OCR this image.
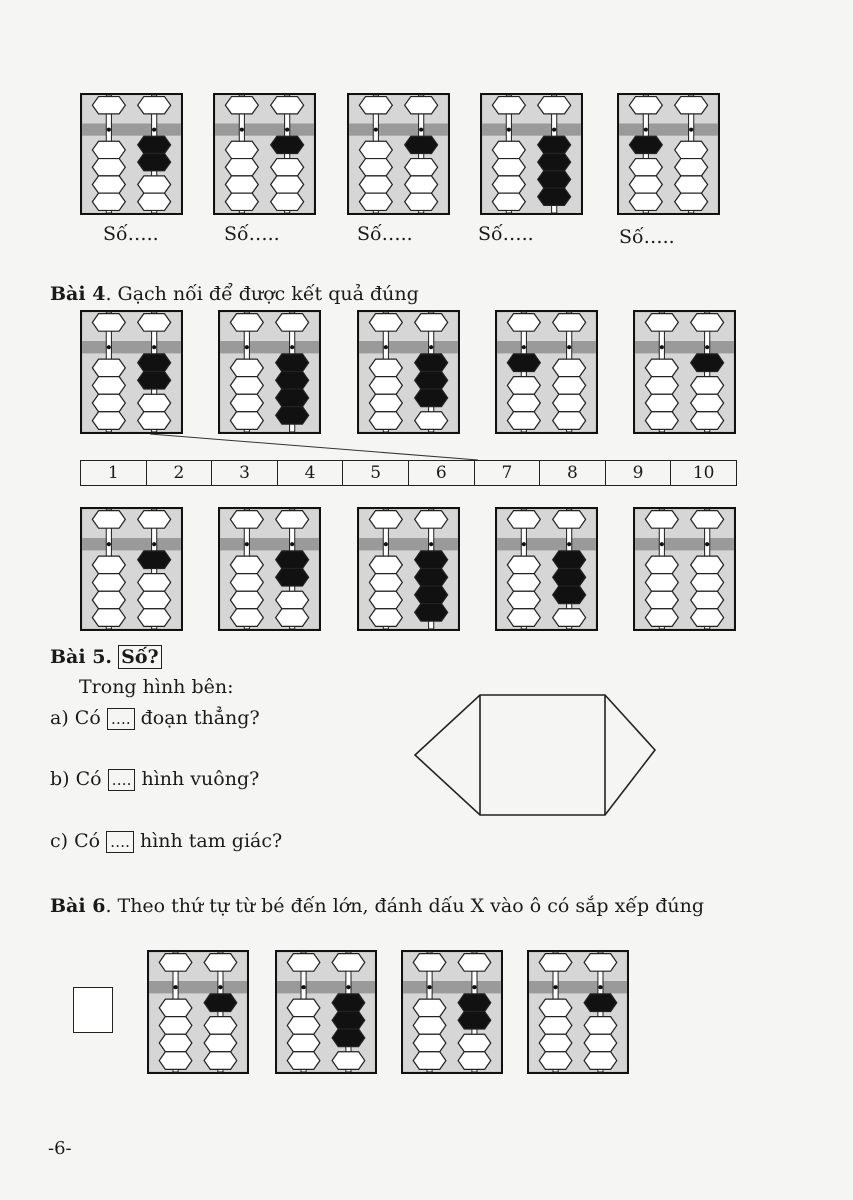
Số…..	Số…..	Số…..	Số…..	Số…..
Bài 4. Gạch nối để được kết quả đúng
1	2	3	4	5	6	7	8	9	10
Bài 5. Số?
Trong hình bên:
a) Có …. đoạn thẳng?
b) Có …. hình vuông?
c) Có …. hình tam giác?
Bài 6. Theo thứ tự từ bé đến lớn, đánh dấu X vào ô có sắp xếp đúng
-6-
